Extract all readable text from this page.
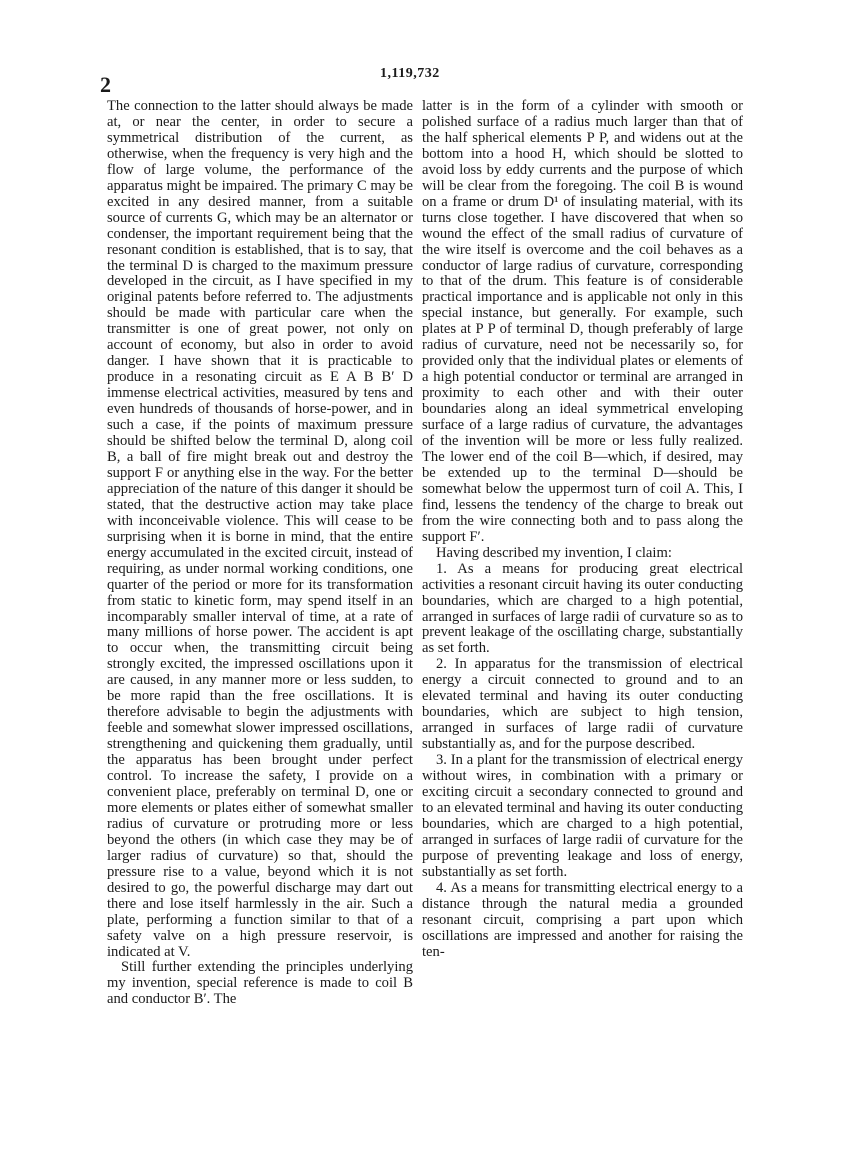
2	1,119,732

The connection to the latter should always be made at, or near the center, in order to secure a symmetrical distribution of the current, as otherwise, when the frequency is very high and the flow of large volume, the performance of the apparatus might be impaired. The primary C may be excited in any desired manner, from a suitable source of currents G, which may be an alternator or condenser, the important requirement being that the resonant condition is established, that is to say, that the terminal D is charged to the maximum pressure developed in the circuit, as I have specified in my original patents before referred to. The adjustments should be made with particular care when the transmitter is one of great power, not only on account of economy, but also in order to avoid danger. I have shown that it is practicable to produce in a resonating circuit as E A B B′ D immense electrical activities, measured by tens and even hundreds of thousands of horse-power, and in such a case, if the points of maximum pressure should be shifted below the terminal D, along coil B, a ball of fire might break out and destroy the support F or anything else in the way. For the better appreciation of the nature of this danger it should be stated, that the destructive action may take place with inconceivable violence. This will cease to be surprising when it is borne in mind, that the entire energy accumulated in the excited circuit, instead of requiring, as under normal working conditions, one quarter of the period or more for its transformation from static to kinetic form, may spend itself in an incomparably smaller interval of time, at a rate of many millions of horse power. The accident is apt to occur when, the transmitting circuit being strongly excited, the impressed oscillations upon it are caused, in any manner more or less sudden, to be more rapid than the free oscillations. It is therefore advisable to begin the adjustments with feeble and somewhat slower impressed oscillations, strengthening and quickening them gradually, until the apparatus has been brought under perfect control. To increase the safety, I provide on a convenient place, preferably on terminal D, one or more elements or plates either of somewhat smaller radius of curvature or protruding more or less beyond the others (in which case they may be of larger radius of curvature) so that, should the pressure rise to a value, beyond which it is not desired to go, the powerful discharge may dart out there and lose itself harmlessly in the air. Such a plate, performing a function similar to that of a safety valve on a high pressure reservoir, is indicated at V.

Still further extending the principles underlying my invention, special reference is made to coil B and conductor B′. The

latter is in the form of a cylinder with smooth or polished surface of a radius much larger than that of the half spherical elements P P, and widens out at the bottom into a hood H, which should be slotted to avoid loss by eddy currents and the purpose of which will be clear from the foregoing. The coil B is wound on a frame or drum D¹ of insulating material, with its turns close together. I have discovered that when so wound the effect of the small radius of curvature of the wire itself is overcome and the coil behaves as a conductor of large radius of curvature, corresponding to that of the drum. This feature is of considerable practical importance and is applicable not only in this special instance, but generally. For example, such plates at P P of terminal D, though preferably of large radius of curvature, need not be necessarily so, for provided only that the individual plates or elements of a high potential conductor or terminal are arranged in proximity to each other and with their outer boundaries along an ideal symmetrical enveloping surface of a large radius of curvature, the advantages of the invention will be more or less fully realized. The lower end of the coil B—which, if desired, may be extended up to the terminal D—should be somewhat below the uppermost turn of coil A. This, I find, lessens the tendency of the charge to break out from the wire connecting both and to pass along the support F′.

Having described my invention, I claim:

1. As a means for producing great electrical activities a resonant circuit having its outer conducting boundaries, which are charged to a high potential, arranged in surfaces of large radii of curvature so as to prevent leakage of the oscillating charge, substantially as set forth.

2. In apparatus for the transmission of electrical energy a circuit connected to ground and to an elevated terminal and having its outer conducting boundaries, which are subject to high tension, arranged in surfaces of large radii of curvature substantially as, and for the purpose described.

3. In a plant for the transmission of electrical energy without wires, in combination with a primary or exciting circuit a secondary connected to ground and to an elevated terminal and having its outer conducting boundaries, which are charged to a high potential, arranged in surfaces of large radii of curvature for the purpose of preventing leakage and loss of energy, substantially as set forth.

4. As a means for transmitting electrical energy to a distance through the natural media a grounded resonant circuit, comprising a part upon which oscillations are impressed and another for raising the ten-
